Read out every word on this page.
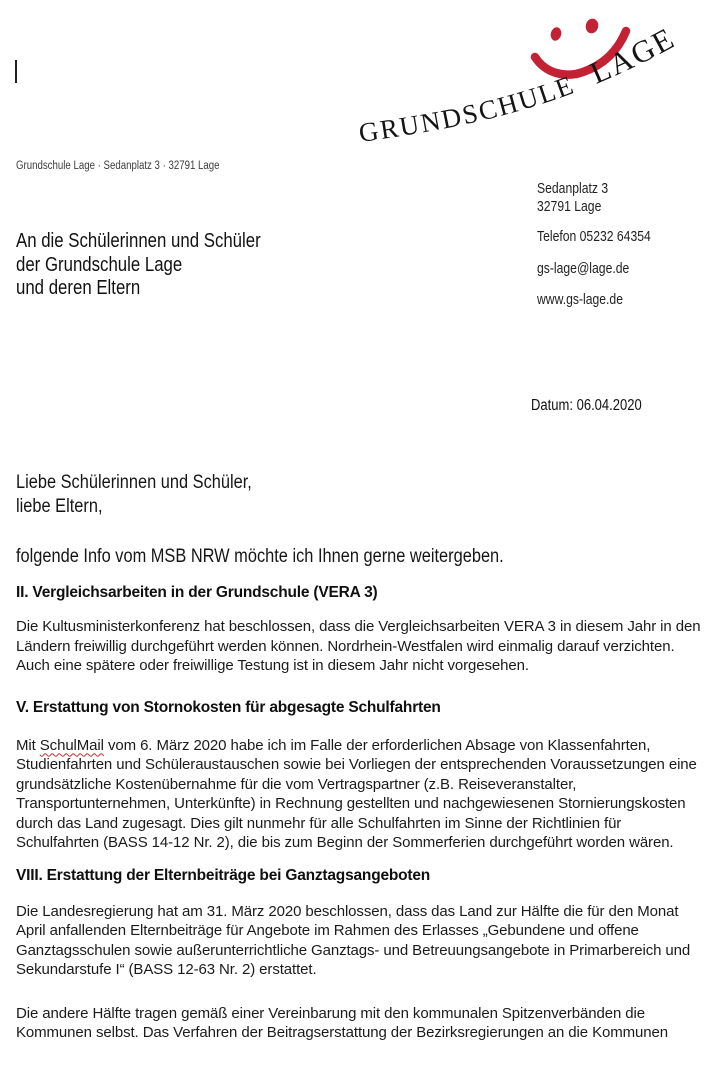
GRUNDSCHULE LAGE
Grundschule Lage · Sedanplatz 3 · 32791 Lage
An die Schülerinnen und Schüler
der Grundschule Lage
und deren Eltern
Sedanplatz 3
32791 Lage
Telefon 05232 64354
gs-lage@lage.de
www.gs-lage.de
Datum: 06.04.2020
Liebe Schülerinnen und Schüler,
liebe Eltern,
folgende Info vom MSB NRW möchte ich Ihnen gerne weitergeben.
II. Vergleichsarbeiten in der Grundschule (VERA 3)
Die Kultusministerkonferenz hat beschlossen, dass die Vergleichsarbeiten VERA 3 in diesem Jahr in den Ländern freiwillig durchgeführt werden können. Nordrhein-Westfalen wird einmalig darauf verzichten. Auch eine spätere oder freiwillige Testung ist in diesem Jahr nicht vorgesehen.
V. Erstattung von Stornokosten für abgesagte Schulfahrten
Mit SchulMail vom 6. März 2020 habe ich im Falle der erforderlichen Absage von Klassenfahrten, Studienfahrten und Schüleraustauschen sowie bei Vorliegen der entsprechenden Voraussetzungen eine grundsätzliche Kostenübernahme für die vom Vertragspartner (z.B. Reiseveranstalter, Transportunternehmen, Unterkünfte) in Rechnung gestellten und nachgewiesenen Stornierungskosten durch das Land zugesagt. Dies gilt nunmehr für alle Schulfahrten im Sinne der Richtlinien für Schulfahrten (BASS 14-12 Nr. 2), die bis zum Beginn der Sommerferien durchgeführt worden wären.
VIII. Erstattung der Elternbeiträge bei Ganztagsangeboten
Die Landesregierung hat am 31. März 2020 beschlossen, dass das Land zur Hälfte die für den Monat April anfallenden Elternbeiträge für Angebote im Rahmen des Erlasses „Gebundene und offene Ganztagsschulen sowie außerunterrichtliche Ganztags- und Betreuungsangebote in Primarbereich und Sekundarstufe I“ (BASS 12-63 Nr. 2) erstattet.
Die andere Hälfte tragen gemäß einer Vereinbarung mit den kommunalen Spitzenverbänden die Kommunen selbst. Das Verfahren der Beitragserstattung der Bezirksregierungen an die Kommunen
